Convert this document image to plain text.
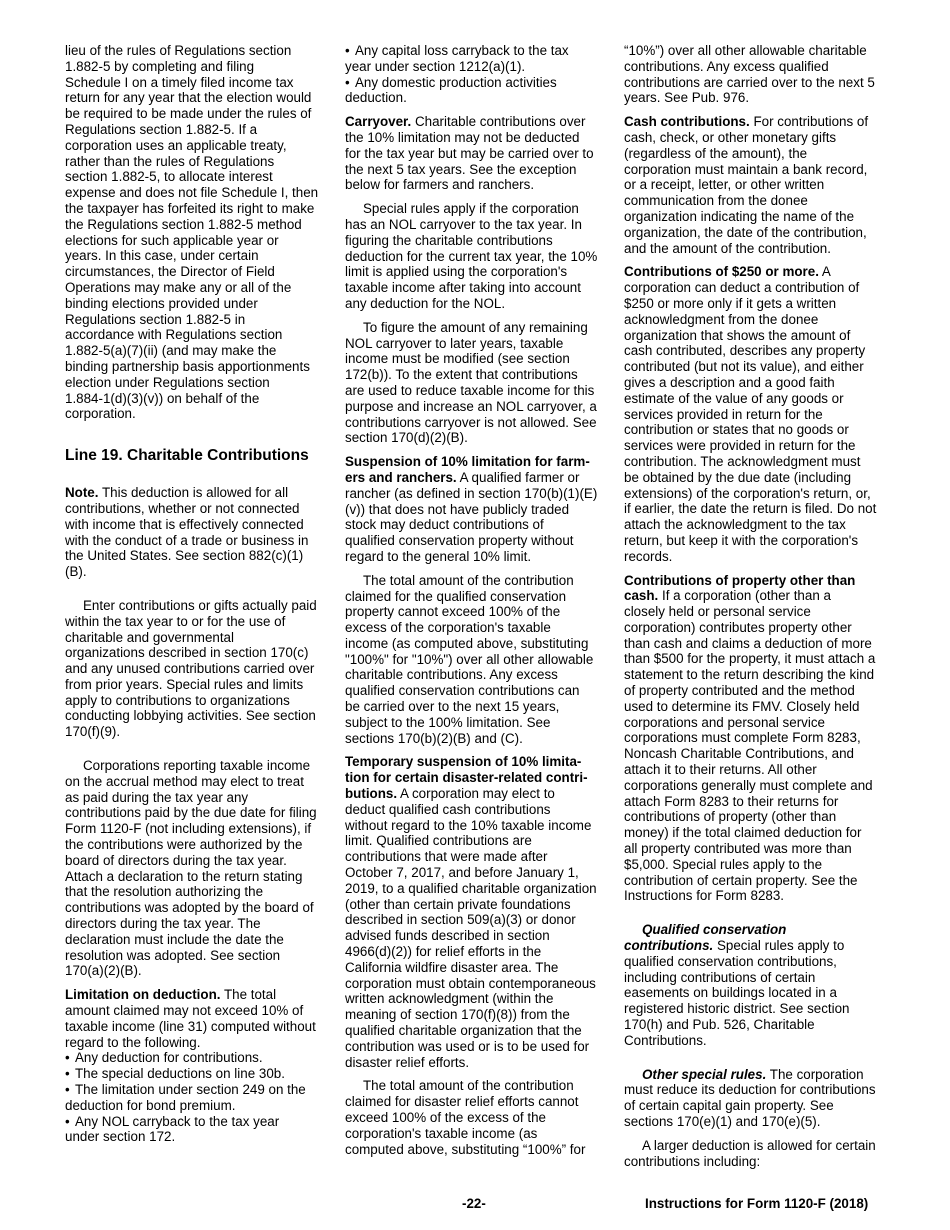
lieu of the rules of Regulations section
1.882-5 by completing and filing
Schedule I on a timely filed income tax
return for any year that the election would
be required to be made under the rules of
Regulations section 1.882-5. If a
corporation uses an applicable treaty,
rather than the rules of Regulations
section 1.882-5, to allocate interest
expense and does not file Schedule I, then
the taxpayer has forfeited its right to make
the Regulations section 1.882-5 method
elections for such applicable year or
years. In this case, under certain
circumstances, the Director of Field
Operations may make any or all of the
binding elections provided under
Regulations section 1.882-5 in
accordance with Regulations section
1.882-5(a)(7)(ii) (and may make the
binding partnership basis apportionments
election under Regulations section
1.884-1(d)(3)(v)) on behalf of the
corporation.
Line 19. Charitable Contributions
Note. This deduction is allowed for all
contributions, whether or not connected
with income that is effectively connected
with the conduct of a trade or business in
the United States. See section 882(c)(1)
(B).
Enter contributions or gifts actually paid
within the tax year to or for the use of
charitable and governmental
organizations described in section 170(c)
and any unused contributions carried over
from prior years. Special rules and limits
apply to contributions to organizations
conducting lobbying activities. See section
170(f)(9).
Corporations reporting taxable income
on the accrual method may elect to treat
as paid during the tax year any
contributions paid by the due date for filing
Form 1120-F (not including extensions), if
the contributions were authorized by the
board of directors during the tax year.
Attach a declaration to the return stating
that the resolution authorizing the
contributions was adopted by the board of
directors during the tax year. The
declaration must include the date the
resolution was adopted. See section
170(a)(2)(B).
Limitation on deduction. The total
amount claimed may not exceed 10% of
taxable income (line 31) computed without
regard to the following.
• Any deduction for contributions.
• The special deductions on line 30b.
• The limitation under section 249 on the
deduction for bond premium.
• Any NOL carryback to the tax year
under section 172.
• Any capital loss carryback to the tax
year under section 1212(a)(1).
• Any domestic production activities
deduction.
Carryover. Charitable contributions over
the 10% limitation may not be deducted
for the tax year but may be carried over to
the next 5 tax years. See the exception
below for farmers and ranchers.
Special rules apply if the corporation
has an NOL carryover to the tax year. In
figuring the charitable contributions
deduction for the current tax year, the 10%
limit is applied using the corporation's
taxable income after taking into account
any deduction for the NOL.
To figure the amount of any remaining
NOL carryover to later years, taxable
income must be modified (see section
172(b)). To the extent that contributions
are used to reduce taxable income for this
purpose and increase an NOL carryover, a
contributions carryover is not allowed. See
section 170(d)(2)(B).
Suspension of 10% limitation for farm-
ers and ranchers. A qualified farmer or
rancher (as defined in section 170(b)(1)(E)
(v)) that does not have publicly traded
stock may deduct contributions of
qualified conservation property without
regard to the general 10% limit.
The total amount of the contribution
claimed for the qualified conservation
property cannot exceed 100% of the
excess of the corporation's taxable
income (as computed above, substituting
"100%" for "10%") over all other allowable
charitable contributions. Any excess
qualified conservation contributions can
be carried over to the next 15 years,
subject to the 100% limitation. See
sections 170(b)(2)(B) and (C).
Temporary suspension of 10% limita-
tion for certain disaster-related contri-
butions. A corporation may elect to
deduct qualified cash contributions
without regard to the 10% taxable income
limit. Qualified contributions are
contributions that were made after
October 7, 2017, and before January 1,
2019, to a qualified charitable organization
(other than certain private foundations
described in section 509(a)(3) or donor
advised funds described in section
4966(d)(2)) for relief efforts in the
California wildfire disaster area. The
corporation must obtain contemporaneous
written acknowledgment (within the
meaning of section 170(f)(8)) from the
qualified charitable organization that the
contribution was used or is to be used for
disaster relief efforts.
The total amount of the contribution
claimed for disaster relief efforts cannot
exceed 100% of the excess of the
corporation's taxable income (as
computed above, substituting “100%” for
“10%”) over all other allowable charitable
contributions. Any excess qualified
contributions are carried over to the next 5
years. See Pub. 976.
Cash contributions. For contributions of
cash, check, or other monetary gifts
(regardless of the amount), the
corporation must maintain a bank record,
or a receipt, letter, or other written
communication from the donee
organization indicating the name of the
organization, the date of the contribution,
and the amount of the contribution.
Contributions of $250 or more. A
corporation can deduct a contribution of
$250 or more only if it gets a written
acknowledgment from the donee
organization that shows the amount of
cash contributed, describes any property
contributed (but not its value), and either
gives a description and a good faith
estimate of the value of any goods or
services provided in return for the
contribution or states that no goods or
services were provided in return for the
contribution. The acknowledgment must
be obtained by the due date (including
extensions) of the corporation's return, or,
if earlier, the date the return is filed. Do not
attach the acknowledgment to the tax
return, but keep it with the corporation's
records.
Contributions of property other than
cash. If a corporation (other than a
closely held or personal service
corporation) contributes property other
than cash and claims a deduction of more
than $500 for the property, it must attach a
statement to the return describing the kind
of property contributed and the method
used to determine its FMV. Closely held
corporations and personal service
corporations must complete Form 8283,
Noncash Charitable Contributions, and
attach it to their returns. All other
corporations generally must complete and
attach Form 8283 to their returns for
contributions of property (other than
money) if the total claimed deduction for
all property contributed was more than
$5,000. Special rules apply to the
contribution of certain property. See the
Instructions for Form 8283.
Qualified conservation
contributions. Special rules apply to
qualified conservation contributions,
including contributions of certain
easements on buildings located in a
registered historic district. See section
170(h) and Pub. 526, Charitable
Contributions.
Other special rules. The corporation
must reduce its deduction for contributions
of certain capital gain property. See
sections 170(e)(1) and 170(e)(5).
A larger deduction is allowed for certain
contributions including:
-22-	Instructions for Form 1120-F (2018)
